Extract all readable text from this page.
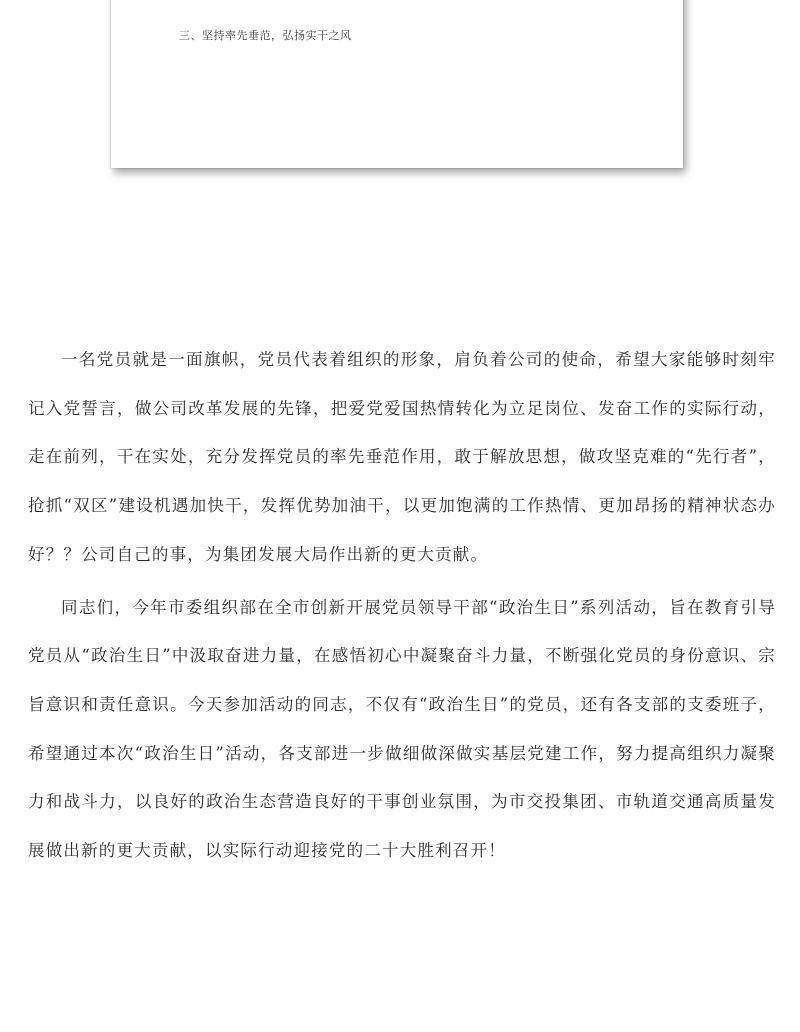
三、坚持率先垂范，弘扬实干之风

一名党员就是一面旗帜，党员代表着组织的形象，肩负着公司的使命，希望大家能够时刻牢记入党誓言，做公司改革发展的先锋，把爱党爱国热情转化为立足岗位、发奋工作的实际行动，走在前列，干在实处，充分发挥党员的率先垂范作用，敢于解放思想，做攻坚克难的“先行者”，抢抓“双区”建设机遇加快干，发挥优势加油干，以更加饱满的工作热情、更加昂扬的精神状态办好？？公司自己的事，为集团发展大局作出新的更大贡献。

同志们，今年市委组织部在全市创新开展党员领导干部“政治生日”系列活动，旨在教育引导党员从“政治生日”中汲取奋进力量，在感悟初心中凝聚奋斗力量，不断强化党员的身份意识、宗旨意识和责任意识。今天参加活动的同志，不仅有“政治生日”的党员，还有各支部的支委班子，希望通过本次“政治生日”活动，各支部进一步做细做深做实基层党建工作，努力提高组织力凝聚力和战斗力，以良好的政治生态营造良好的干事创业氛围，为市交投集团、市轨道交通高质量发展做出新的更大贡献，以实际行动迎接党的二十大胜利召开！
